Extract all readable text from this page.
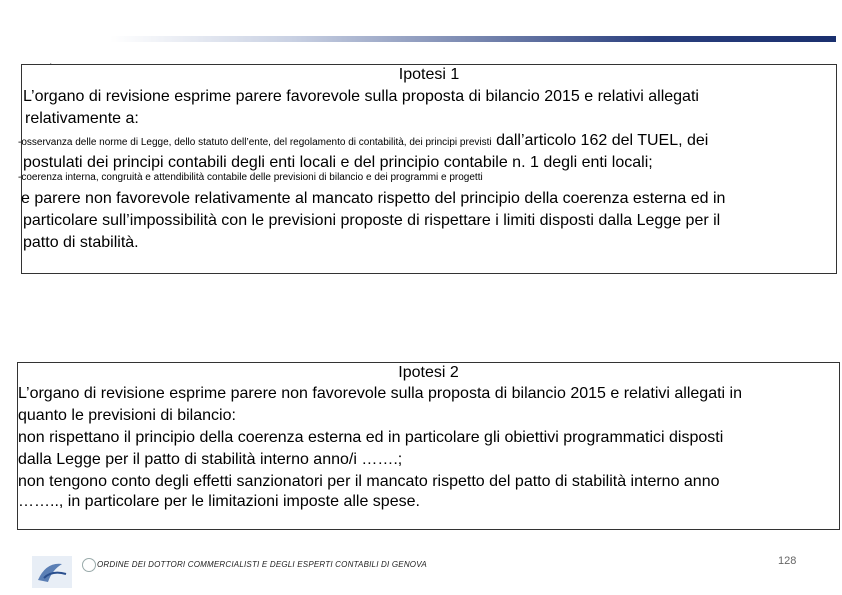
.
Ipotesi 1
L’organo di revisione esprime parere favorevole sulla proposta di bilancio 2015 e relativi allegati
relativamente a:
-osservanza delle norme di Legge, dello statuto dell’ente, del regolamento di contabilità, dei principi previsti dall’articolo 162 del TUEL, dei
postulati dei principi contabili degli enti locali e del principio contabile n. 1 degli enti locali;
-coerenza interna, congruità e attendibilità contabile delle previsioni di bilancio e dei programmi e progetti
e parere non favorevole relativamente al mancato rispetto del principio della coerenza esterna ed in
particolare sull’impossibilità con le previsioni proposte di rispettare i limiti disposti dalla Legge per il
patto di stabilità.
Ipotesi 2
L’organo di revisione esprime parere non favorevole sulla proposta di bilancio 2015 e relativi allegati in
quanto le previsioni di bilancio:
non rispettano il principio della coerenza esterna ed in particolare gli obiettivi programmatici disposti
dalla Legge per il patto di stabilità interno anno/i …….;
non tengono conto degli effetti sanzionatori per il mancato rispetto del patto di stabilità interno anno
…….., in particolare per le limitazioni imposte alle spese.
ORDINE DEI DOTTORI COMMERCIALISTI E DEGLI ESPERTI CONTABILI DI GENOVA	128
